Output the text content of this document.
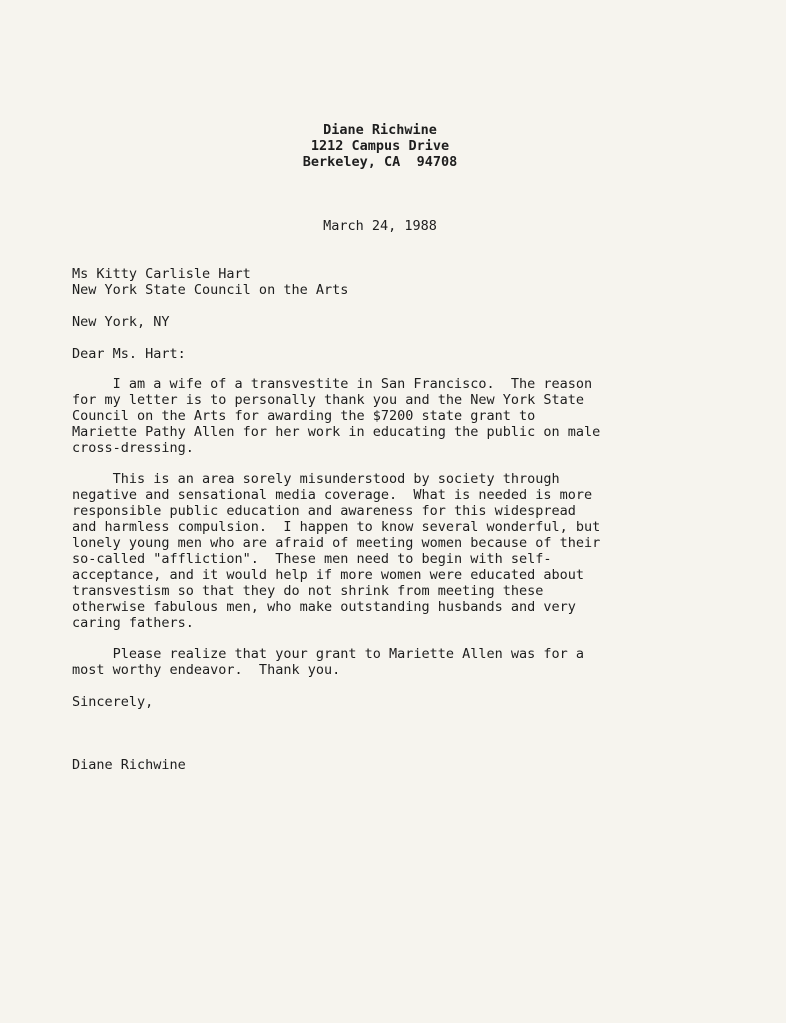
Diane Richwine
1212 Campus Drive
Berkeley, CA  94708
March 24, 1988
Ms Kitty Carlisle Hart
New York State Council on the Arts
New York, NY
Dear Ms. Hart:
I am a wife of a transvestite in San Francisco.  The reason
for my letter is to personally thank you and the New York State
Council on the Arts for awarding the $7200 state grant to
Mariette Pathy Allen for her work in educating the public on male
cross-dressing.
This is an area sorely misunderstood by society through
negative and sensational media coverage.  What is needed is more
responsible public education and awareness for this widespread
and harmless compulsion.  I happen to know several wonderful, but
lonely young men who are afraid of meeting women because of their
so-called "affliction".  These men need to begin with self-
acceptance, and it would help if more women were educated about
transvestism so that they do not shrink from meeting these
otherwise fabulous men, who make outstanding husbands and very
caring fathers.
Please realize that your grant to Mariette Allen was for a
most worthy endeavor.  Thank you.
Sincerely,
Diane Richwine
